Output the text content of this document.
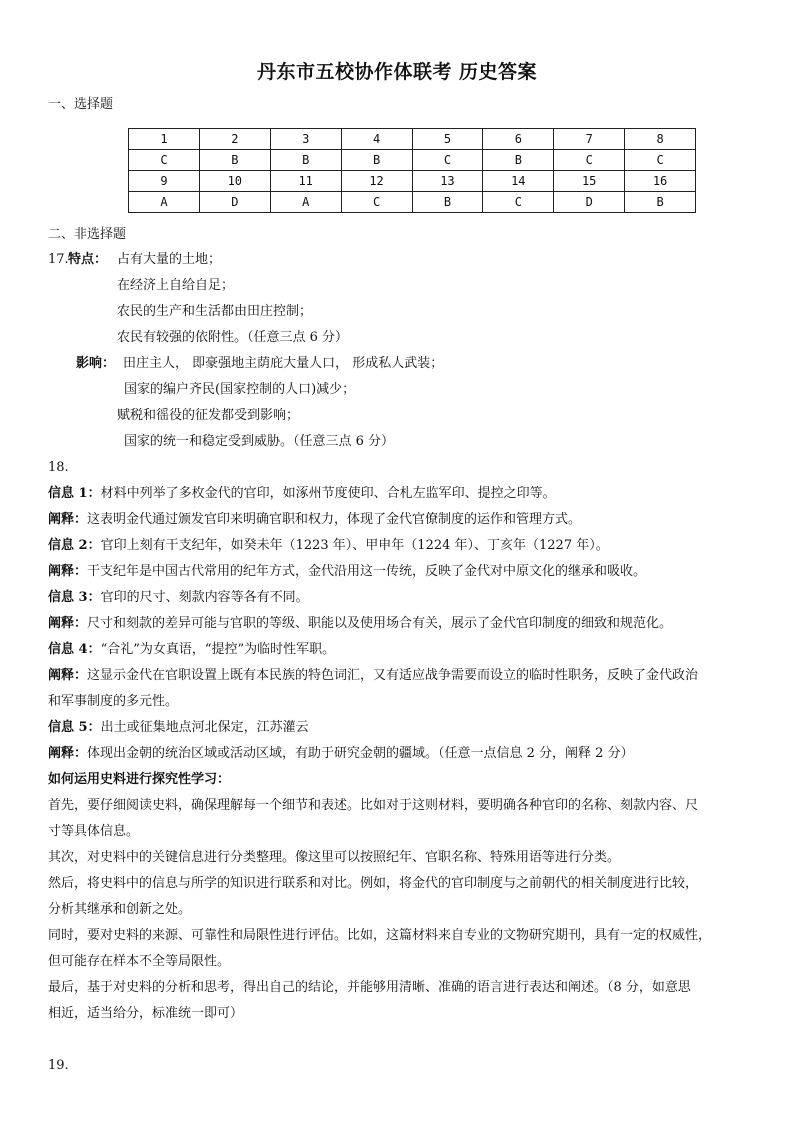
丹东市五校协作体联考 历史答案
一、选择题
1	2	3	4	5	6	7	8
C	B	B	B	C	B	C	C
9	10	11	12	13	14	15	16
A	D	A	C	B	C	D	B
二、非选择题
17. 特点： 占有大量的土地；
在经济上自给自足；
农民的生产和生活都由田庄控制；
农民有较强的依附性。（任意三点 6 分）
影响： 田庄主人， 即豪强地主荫庇大量人口， 形成私人武装；
国家的编户齐民(国家控制的人口)减少；
赋税和徭役的征发都受到影响；
国家的统一和稳定受到威胁。（任意三点 6 分）
18.
信息 1：材料中列举了多枚金代的官印，如涿州节度使印、合札左监军印、提控之印等。
阐释：这表明金代通过颁发官印来明确官职和权力，体现了金代官僚制度的运作和管理方式。
信息 2：官印上刻有干支纪年，如癸未年（1223 年）、甲申年（1224 年）、丁亥年（1227 年）。
阐释：干支纪年是中国古代常用的纪年方式，金代沿用这一传统，反映了金代对中原文化的继承和吸收。
信息 3：官印的尺寸、刻款内容等各有不同。
阐释：尺寸和刻款的差异可能与官职的等级、职能以及使用场合有关，展示了金代官印制度的细致和规范化。
信息 4：“合礼”为女真语，“提控”为临时性军职。
阐释：这显示金代在官职设置上既有本民族的特色词汇，又有适应战争需要而设立的临时性职务，反映了金代政治
和军事制度的多元性。
信息 5：出土或征集地点河北保定，江苏灌云
阐释：体现出金朝的统治区域或活动区域，有助于研究金朝的疆域。（任意一点信息 2 分，阐释 2 分）
如何运用史料进行探究性学习：
首先，要仔细阅读史料，确保理解每一个细节和表述。比如对于这则材料，要明确各种官印的名称、刻款内容、尺
寸等具体信息。
其次，对史料中的关键信息进行分类整理。像这里可以按照纪年、官职名称、特殊用语等进行分类。
然后，将史料中的信息与所学的知识进行联系和对比。例如，将金代的官印制度与之前朝代的相关制度进行比较，
分析其继承和创新之处。
同时，要对史料的来源、可靠性和局限性进行评估。比如，这篇材料来自专业的文物研究期刊，具有一定的权威性，
但可能存在样本不全等局限性。
最后，基于对史料的分析和思考，得出自己的结论，并能够用清晰、准确的语言进行表达和阐述。（8 分，如意思
相近，适当给分，标准统一即可）
19.
